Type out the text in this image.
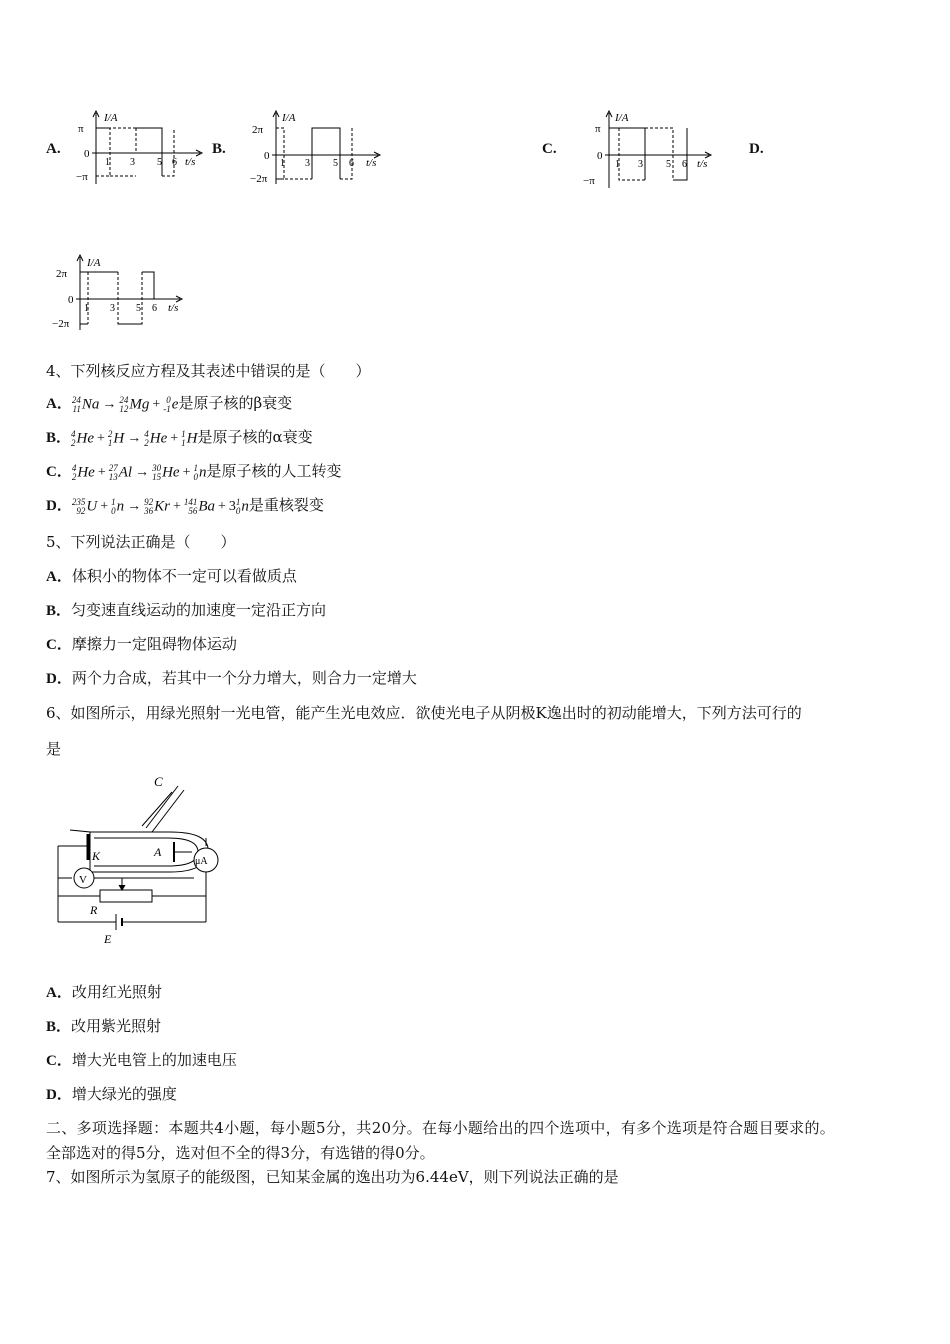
A.	B.	C.	D.
I/A
t/s
π
0
−π
1 3 5 6
I/A
t/s
2π
0
−2π
1 3 5 6
I/A
t/s
π
0
−π
1 3 5 6
I/A
t/s
2π
0
−2π
1 3 5 6
4、下列核反应方程及其表述中错误的是（　　）
A． 24
11 Na → 24
12 Mg + 0
-1 e是原子核的β衰变
B． 4
2 He + 2
1 H → 4
2 He + 1
1 H是原子核的α衰变
C． 4
2 He + 27
13 Al → 30
15 He + 1
0 n是原子核的人工转变
D． 235
92 U + 1
0 n → 92
36 Kr + 141
56 Ba + 3 1
0 n是重核裂变
5、下列说法正确是（　　）
A．体积小的物体不一定可以看做质点
B．匀变速直线运动的加速度一定沿正方向
C．摩擦力一定阻碍物体运动
D．两个力合成，若其中一个分力增大，则合力一定增大
6、如图所示，用绿光照射一光电管，能产生光电效应．欲使光电子从阴极K逸出时的初动能增大，下列方法可行的
是
C
K	A
μA
V
R
E
A．改用红光照射
B．改用紫光照射
C．增大光电管上的加速电压
D．增大绿光的强度
二、多项选择题：本题共4小题，每小题5分，共20分。在每小题给出的四个选项中，有多个选项是符合题目要求的。
全部选对的得5分，选对但不全的得3分，有选错的得0分。
7、如图所示为氢原子的能级图，已知某金属的逸出功为6.44eV，则下列说法正确的是
